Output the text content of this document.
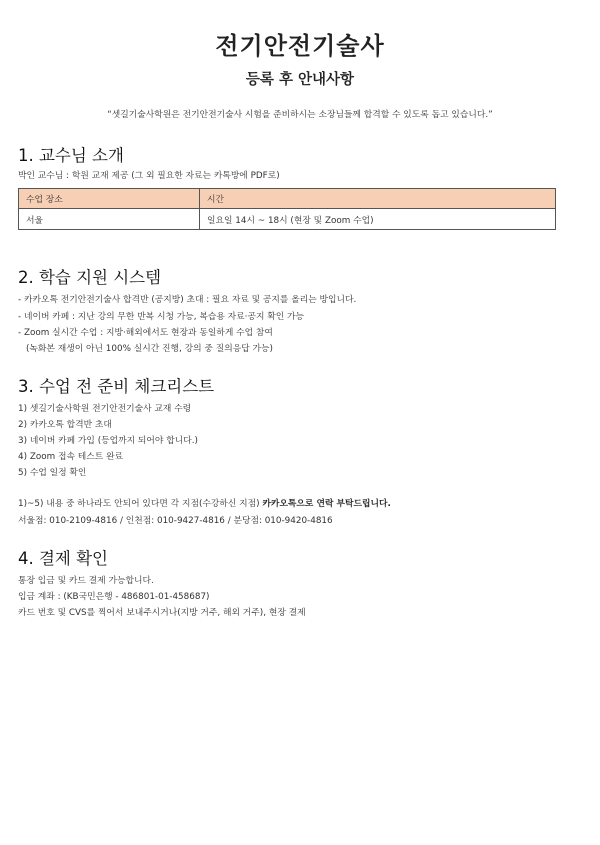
전기안전기술사
등록 후 안내사항
“셋길기술사학원은 전기안전기술사 시험을 준비하시는 소장님들께 합격할 수 있도록 돕고 있습니다.”
1. 교수님 소개
박인 교수님 : 학원 교재 제공 (그 외 필요한 자료는 카톡방에 PDF로)
수업 장소	시간
서울	일요일 14시 ~ 18시 (현장 및 Zoom 수업)
2. 학습 지원 시스템
- 카카오톡 전기안전기술사 합격반 (공지방) 초대 : 필요 자료 및 공지를 올리는 방입니다.
- 네이버 카페 : 지난 강의 무한 반복 시청 가능, 복습용 자료·공지 확인 가능
- Zoom 실시간 수업 : 지방·해외에서도 현장과 동일하게 수업 참여
(녹화본 재생이 아닌 100% 실시간 진행, 강의 중 질의응답 가능)
3. 수업 전 준비 체크리스트
1) 셋길기술사학원 전기안전기술사 교재 수령
2) 카카오톡 합격반 초대
3) 네이버 카페 가입 (등업까지 되어야 합니다.)
4) Zoom 접속 테스트 완료
5) 수업 일정 확인
1)~5) 내용 중 하나라도 안되어 있다면 각 지점(수강하신 지점) 카카오톡으로 연락 부탁드립니다.
서울점: 010-2109-4816 / 인천점: 010-9427-4816 / 분당점: 010-9420-4816
4. 결제 확인
통장 입금 및 카드 결제 가능합니다.
입금 계좌 : (KB국민은행 - 486801-01-458687)
카드 번호 및 CVS를 찍어서 보내주시거나(지방 거주, 해외 거주), 현장 결제
